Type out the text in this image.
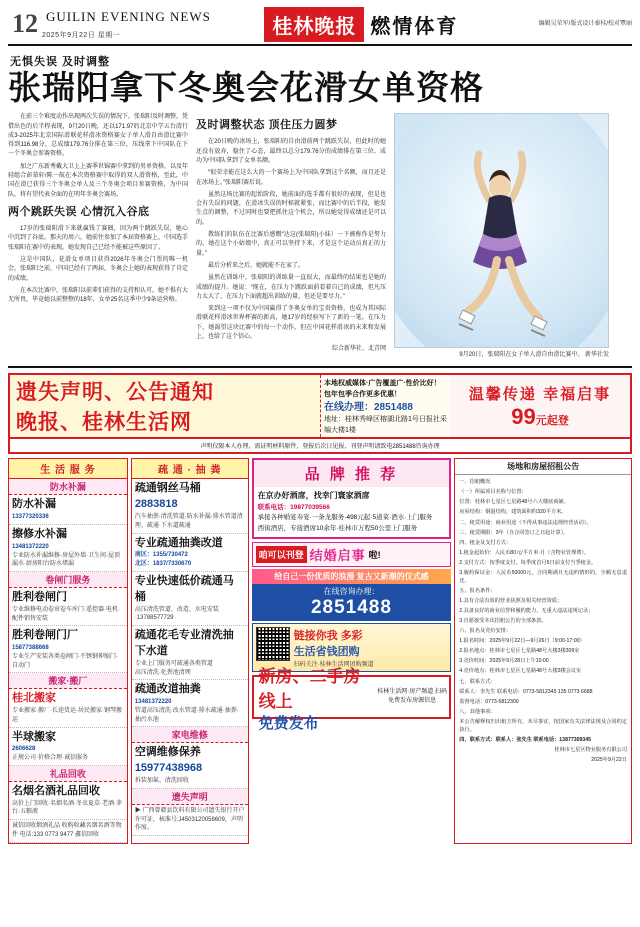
12 GUILIN EVENING NEWS
2025年9月22日 星期一	桂林晚报 燃情体育	编辑吴荣军/版式设计秦桂/校对覃丽
无惧失误 及时调整
张瑞阳拿下冬奥会花滑女单资格

在前三个难度动作出现两次失误的情况下，张瑞阳及时调整，凭借出色的后半程表现，9月20日晚，还以171.97的北京中学五台湾行成3-2025年北京国际滑联花样滑冰资格赛女子单人滑自由滑比赛中得到116.98分，总成绩179.76分排在第三位，压线拿下中国队在下一个冬奥会参赛资格。

加之广东新秀戴大卫上上赛季世锦赛中拿到的男单资格，以及年轻组合彭慕轩/陈一航在本次资格赛中取得的双人滑资格，至此，中国在滑已获得三个冬奥会单人及三个冬奥会项目参赛资格，为中国队，将有望代表全面的在明年冬奥会赛场。

两个跳跃失误 心情沉入谷底

17岁的张瑞阳滑下来就赢钱了赛圈，因为两个跳跃失误，她心中沉到了谷底。那天的周六，她前往参加了本届资格赛上，中国选手张瑞阳在赛中的表现，她发现自己已经不能被这些原因了。

这是中国队，花滑女单项目获得2026年冬奥会门票的唯一机会，张瑞阳之前，中国已经有了两届，冬奥会上她的表现获得了肯定的成绩。

在本次比赛中，张瑞阳以前辈们获得的支持和认可，她不惧有大无所畏，毕竟她以前整整的18年，女单25名这季中少9条运营格。

及时调整状态 顶住压力圆梦

在20日晚的冰场上，张瑞阳的自由滑前两个跳跃失误，但此时的她还没有放弃，稳住了心态，最终以总分179.76分的成绩排在第三位，成功为中国队拿到了女单名额。

“很荣幸能在这么大的一个赛场上为中国队拿到这个名额，而且还是在冰场上。”张瑞阳赛后说。

虽然这场比赛的起始阶段，她前面的选手都有很好的表现，但是也会有失误的问题，在滑冰失误的时候就紧张，而比赛中的后半段，她发生点的调整，不过同时也要把抓住这个机会，所以她觉得成绩还是可以的。

教练们的队伍在比赛后感慨“达这(张瑞阳)小妹）一下被称作是努力的。她在这个小姑娘中，真正可以坚持下来，才是这个运动员真正的力量。”

最后分析来之后，她就能不在家了。

虽然在训练中，张瑞阳的训练量一直很大，而最终的结果也是她的成绩的提升。她说：“现在，在压力下跳跃面前看着自己的成绩，但凡压力太大了，在压力下面就超出训练的量，但还是要尽力。”

来到这一项不仅为中国赢得了冬奥女单的宝贵资格，也成为其国际滑联花样滑冰世界杯赛的新高，她17岁的经验写下了新的一笔。在压力下，她渴望这块比赛中的每一个动作，但在中国花样滑冰的未来和发展上，也给了这个信心。

综合新华社、北青网

9月20日，张瑞阳在女子单人滑自由滑比赛中。 新华社发
遗失声明、公告通知
晚报、桂林生活网
本地权威媒体·广告覆盖广·性价比好！
包年包季合作更多优惠！
在线办理：2851488
地址：桂林秀峰区榕湖北路1号日报社采编大楼1楼
温馨传递 幸福启事
99元起登
声明仅限本人办理，需证明材料原件，登报后次日见报，刊登声明请致电2851488咨询办理
生 活 服 务
防水补漏
防水补漏
13377320336
擦修水补漏
13481372220
专业防水补漏维修·房屋外墙·卫生间·屋顶漏水·厨房阳台防水堵漏
卷闸门服务
胜利卷闸门
专业维修电动卷帘卷车库门·遥控器·电机·配件销售安装
胜利卷闸门厂
15877388668
专业生产安装各类卷闸门·不锈钢伸缩门·自动门
搬家·搬厂
桂北搬家
专业搬家·搬厂·长途货运·居民搬家·钢琴搬运
半球搬家
2606628
正规公司·价格合理·诚信服务
礼品回收
名烟名酒礼品回收
高价上门回收·名烟名酒·冬虫夏草·老酒·茅台·五粮液
诚信回收烟酒礼品 收购收藏名烟名酒等物件 电话:133 0773 9477 鑫信回收
疏 通 · 抽 粪
疏通钢丝马桶 2883818
汽车抽粪·清洗管道·防水补漏·排水管道清理、疏通·下水道疏通
专业疏通抽粪改道
南区：1355/730472
北区：1837/7330670
专业快速低价疏通马桶
高压清洗管道、改造、水电安装·13788577729
疏通花毛专业清洗抽下水道
专业上门服务可疏通各类管道
高压清洗·化粪池清理
疏通改道抽粪
13481372220
管道高压清洗·改水管道·排水疏通·抽粪·抽污水池
家电维修
空调维修保养15977438968
拆装加氟、清洗回收
遗失声明
▶ 广西曾赣县饮料有限公司遗失银行开户许可证，核准号:J4503120058609，声明作废。
品 牌 推 荐
在京办好酒席，找幸门寰家酒席
联系电话：19877039566
承接各种婚宴寿宴·一条龙服务·498元起·5道菜·酒水·上门服务
西街酒店，专接酒席10余年·桂林市万程50公里上门服务
咱可以刊登 结婚启事 啦!
给自己一份优质的浪漫 复古又新潮的仪式感
在线咨询办理：
2851488
链接你我 多彩
生活省钱团购
扫码关注·桂林生活网团购频道
新房、二手房线上
免费发布
桂林生活网·房产频道 扫码免费发布房源信息
场地和房屋招租公告

一、招租概况

（一）所属项目名称与位置：

位置：桂林市七星区七星路48号六大楼底商铺。

房屋结构：钢混结构，建筑面积约320平方米。

二、租赁用途：商业用途（不得从事违法违规经营活动）。

三、租赁期限：3年（自合同签订之日起计算）。

四、租金及支付方式：

1.租金起始价：人民币80元/平方米·月（含物业管理费）。

2.支付方式：按季度支付，每季度首月5日前支付当季租金。

3.履约保证金：人民币50000元，合同期满且无违约情形的，全额无息退还。

五、报名条件：

1.具有合法有效的营业执照及相关经营资质；

2.具备良好的商业信誉和履约能力，无重大违法违规记录；

3.自愿接受本次招租公告的全部条款。

六、报名及竞价安排：

1.报名时间：2025年9月22日—9月26日（9:00-17:00）

2.报名地点：桂林市七星区七星路48号大楼3楼309室

3.竞价时间：2025年9月28日上午10:00

4.竞价地点：桂林市七星区七星路48号大楼3楼会议室

七、联系方式：

联系人：李先生 联系电话：0773-5812345 135 0773 6688

监督电话：0773-5812300

八、其他事项：

本公告解释权归出租方所有。未尽事宜，按国家有关法律法规及合同约定执行。

四、联系方式：联系人：张先生 联系电话：13877309345

桂林市七星区物业服务有限公司

2025年9月22日
